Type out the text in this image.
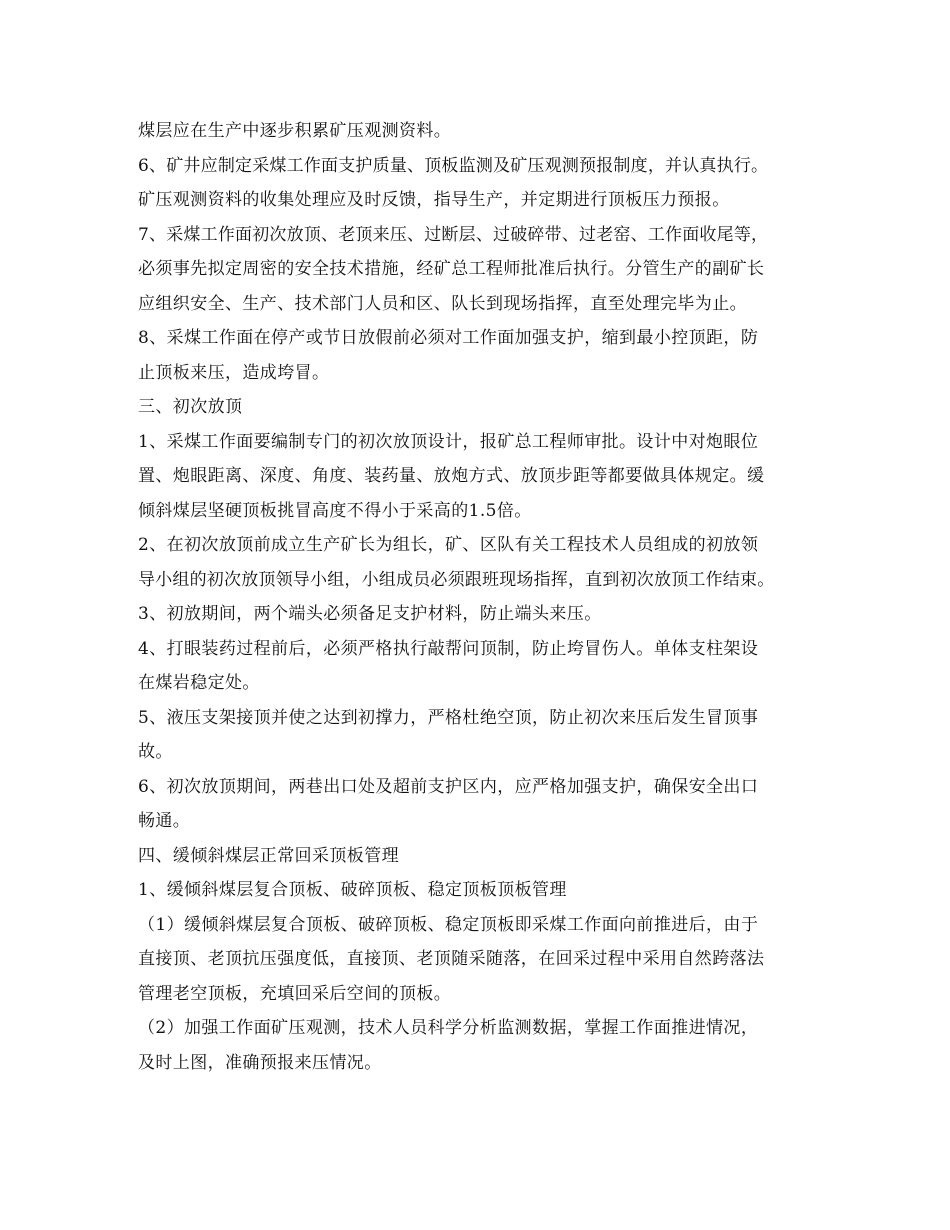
煤层应在生产中逐步积累矿压观测资料。
6、矿井应制定采煤工作面支护质量、顶板监测及矿压观测预报制度，并认真执行。
矿压观测资料的收集处理应及时反馈，指导生产，并定期进行顶板压力预报。
7、采煤工作面初次放顶、老顶来压、过断层、过破碎带、过老窑、工作面收尾等，
必须事先拟定周密的安全技术措施，经矿总工程师批准后执行。分管生产的副矿长
应组织安全、生产、技术部门人员和区、队长到现场指挥，直至处理完毕为止。
8、采煤工作面在停产或节日放假前必须对工作面加强支护，缩到最小控顶距，防
止顶板来压，造成垮冒。
三、初次放顶
1、采煤工作面要编制专门的初次放顶设计，报矿总工程师审批。设计中对炮眼位
置、炮眼距离、深度、角度、装药量、放炮方式、放顶步距等都要做具体规定。缓
倾斜煤层坚硬顶板挑冒高度不得小于采高的1.5倍。
2、在初次放顶前成立生产矿长为组长，矿、区队有关工程技术人员组成的初放领
导小组的初次放顶领导小组，小组成员必须跟班现场指挥，直到初次放顶工作结束。
3、初放期间，两个端头必须备足支护材料，防止端头来压。
4、打眼装药过程前后，必须严格执行敲帮问顶制，防止垮冒伤人。单体支柱架设
在煤岩稳定处。
5、液压支架接顶并使之达到初撑力，严格杜绝空顶，防止初次来压后发生冒顶事
故。
6、初次放顶期间，两巷出口处及超前支护区内，应严格加强支护，确保安全出口
畅通。
四、缓倾斜煤层正常回采顶板管理
1、缓倾斜煤层复合顶板、破碎顶板、稳定顶板顶板管理
（1）缓倾斜煤层复合顶板、破碎顶板、稳定顶板即采煤工作面向前推进后，由于
直接顶、老顶抗压强度低，直接顶、老顶随采随落，在回采过程中采用自然跨落法
管理老空顶板，充填回采后空间的顶板。
（2）加强工作面矿压观测，技术人员科学分析监测数据，掌握工作面推进情况，
及时上图，准确预报来压情况。
